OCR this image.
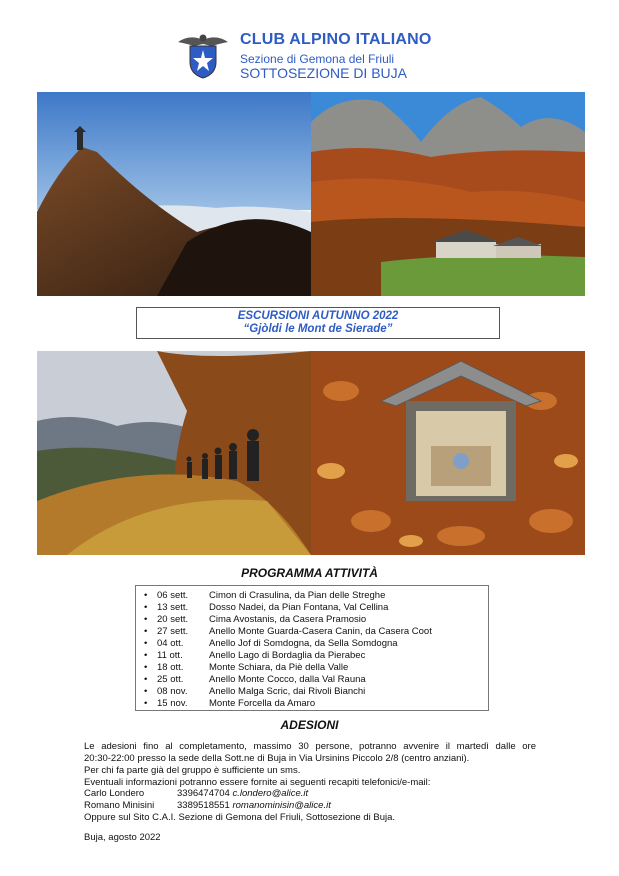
CLUB ALPINO ITALIANO
Sezione di Gemona del Friuli
SOTTOSEZIONE DI BUJA
ESCURSIONI AUTUNNO 2022
“Gjòldi le Mont de Sierade”
PROGRAMMA ATTIVITÀ
• 06 sett. Cimon di Crasulina, da Pian delle Streghe
• 13 sett. Dosso Nadei, da Pian Fontana, Val Cellina
• 20 sett. Cima Avostanis, da Casera Pramosio
• 27 sett. Anello Monte Guarda-Casera Canin, da Casera Coot
• 04 ott.	Anello Jof di Somdogna, da Sella Somdogna
• 11 ott.	Anello Lago di Bordaglia da Pierabec
• 18 ott.	Monte Schiara, da Piè della Valle
• 25 ott.	Anello Monte Cocco, dalla Val Rauna
• 08 nov. Anello Malga Scric, dai Rivoli Bianchi
• 15 nov. Monte Forcella da Amaro
ADESIONI
Le adesioni fino al completamento, massimo 30 persone, potranno avvenire il martedì dalle ore
20:30-22:00 presso la sede della Sott.ne di Buja in Via Ursinins Piccolo 2/8 (centro anziani).
Per chi fa parte già del gruppo è sufficiente un sms.
Eventuali informazioni potranno essere fornite ai seguenti recapiti telefonici/e-mail:
Carlo Londero	3396474704 c.londero@alice.it
Romano Minisini 3389518551 romanominisin@alice.it
Oppure sul Sito C.A.I. Sezione di Gemona del Friuli, Sottosezione di Buja.
Buja, agosto 2022
